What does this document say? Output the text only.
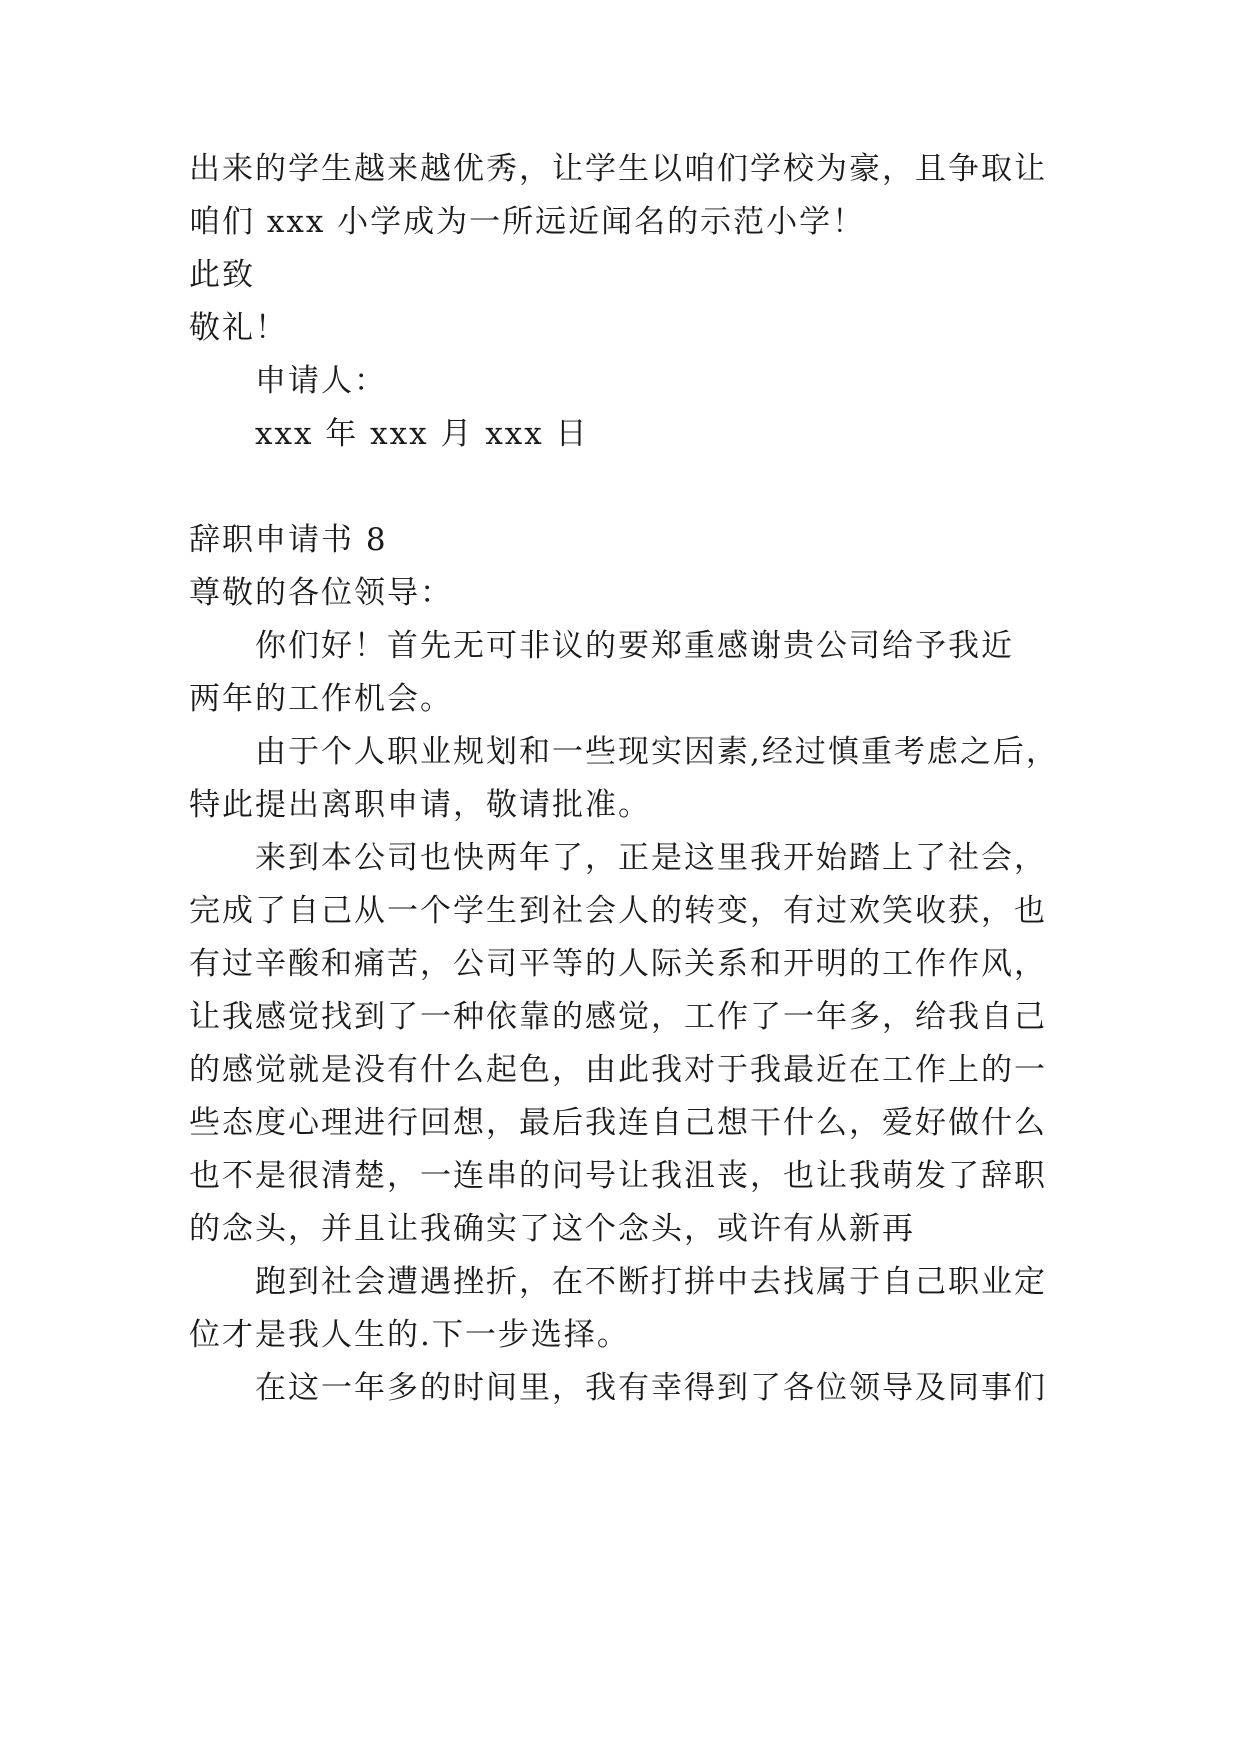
出来的学生越来越优秀，让学生以咱们学校为豪，且争取让
咱们 xxx 小学成为一所远近闻名的示范小学！
此致
敬礼！
申请人：
xxx 年 xxx 月 xxx 日
辞职申请书 8
尊敬的各位领导：
你们好！首先无可非议的要郑重感谢贵公司给予我近
两年的工作机会。
由于个人职业规划和一些现实因素,经过慎重考虑之后，
特此提出离职申请，敬请批准。
来到本公司也快两年了，正是这里我开始踏上了社会，
完成了自己从一个学生到社会人的转变，有过欢笑收获，也
有过辛酸和痛苦，公司平等的人际关系和开明的工作作风，
让我感觉找到了一种依靠的感觉，工作了一年多，给我自己
的感觉就是没有什么起色，由此我对于我最近在工作上的一
些态度心理进行回想，最后我连自己想干什么，爱好做什么
也不是很清楚，一连串的问号让我沮丧，也让我萌发了辞职
的念头，并且让我确实了这个念头，或许有从新再
跑到社会遭遇挫折，在不断打拼中去找属于自己职业定
位才是我人生的.下一步选择。
在这一年多的时间里，我有幸得到了各位领导及同事们
